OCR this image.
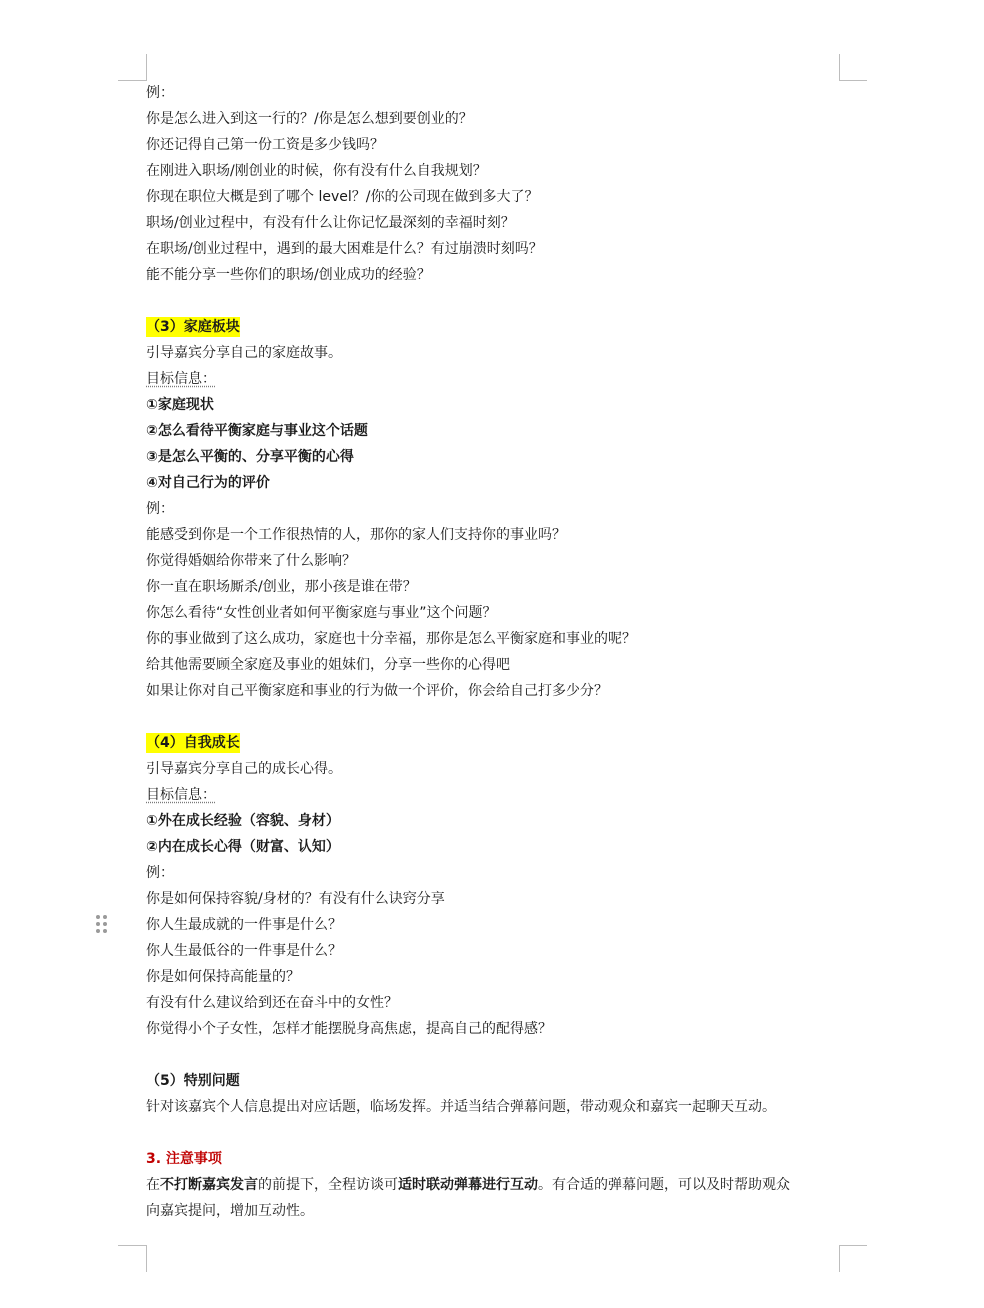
例：
你是怎么进入到这一行的？/你是怎么想到要创业的？
你还记得自己第一份工资是多少钱吗？
在刚进入职场/刚创业的时候，你有没有什么自我规划？
你现在职位大概是到了哪个 level？/你的公司现在做到多大了？
职场/创业过程中，有没有什么让你记忆最深刻的幸福时刻？
在职场/创业过程中，遇到的最大困难是什么？有过崩溃时刻吗？
能不能分享一些你们的职场/创业成功的经验？
（3）家庭板块
引导嘉宾分享自己的家庭故事。
目标信息：
①家庭现状
②怎么看待平衡家庭与事业这个话题
③是怎么平衡的、分享平衡的心得
④对自己行为的评价
例：
能感受到你是一个工作很热情的人，那你的家人们支持你的事业吗？
你觉得婚姻给你带来了什么影响？
你一直在职场厮杀/创业，那小孩是谁在带？
你怎么看待“女性创业者如何平衡家庭与事业”这个问题？
你的事业做到了这么成功，家庭也十分幸福，那你是怎么平衡家庭和事业的呢？
给其他需要顾全家庭及事业的姐妹们，分享一些你的心得吧
如果让你对自己平衡家庭和事业的行为做一个评价，你会给自己打多少分？
（4）自我成长
引导嘉宾分享自己的成长心得。
目标信息：
①外在成长经验（容貌、身材）
②内在成长心得（财富、认知）
例：
你是如何保持容貌/身材的？有没有什么诀窍分享
你人生最成就的一件事是什么？
你人生最低谷的一件事是什么？
你是如何保持高能量的？
有没有什么建议给到还在奋斗中的女性？
你觉得小个子女性，怎样才能摆脱身高焦虑，提高自己的配得感？
（5）特别问题
针对该嘉宾个人信息提出对应话题，临场发挥。并适当结合弹幕问题，带动观众和嘉宾一起聊天互动。
3. 注意事项
在不打断嘉宾发言的前提下，全程访谈可适时联动弹幕进行互动。有合适的弹幕问题，可以及时帮助观众
向嘉宾提问，增加互动性。
